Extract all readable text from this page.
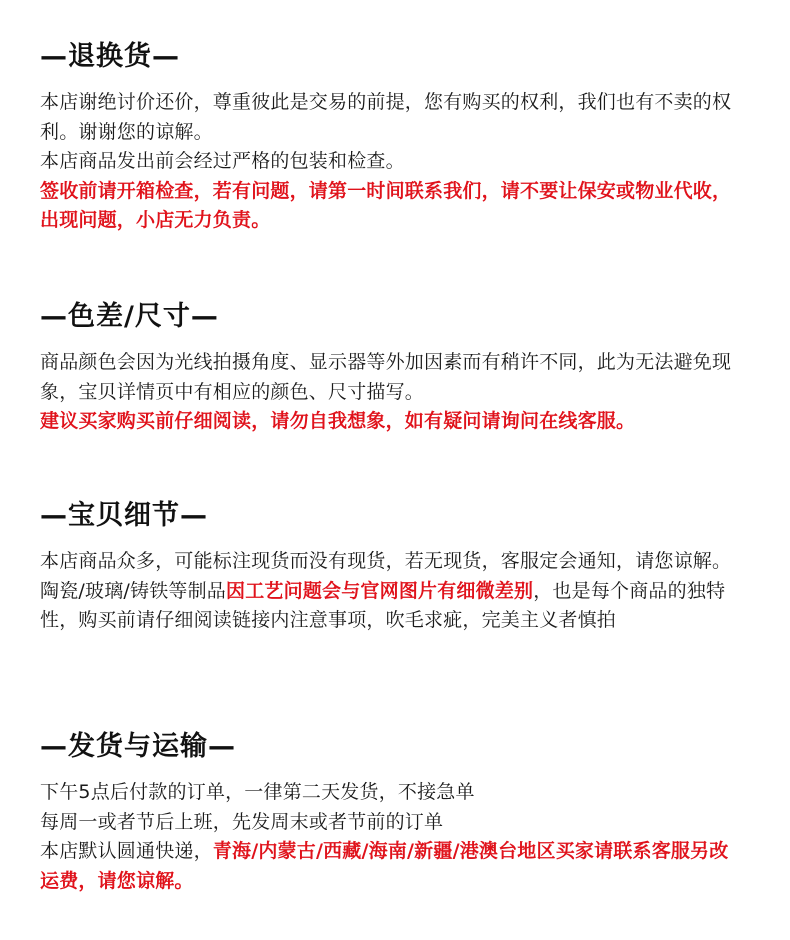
—退换货—

本店谢绝讨价还价，尊重彼此是交易的前提，您有购买的权利，我们也有不卖的权利。谢谢您的谅解。

本店商品发出前会经过严格的包装和检查。

签收前请开箱检查，若有问题，请第一时间联系我们，请不要让保安或物业代收，出现问题，小店无力负责。

—色差/尺寸—

商品颜色会因为光线拍摄角度、显示器等外加因素而有稍许不同，此为无法避免现象，宝贝详情页中有相应的颜色、尺寸描写。

建议买家购买前仔细阅读，请勿自我想象，如有疑问请询问在线客服。

—宝贝细节—

本店商品众多，可能标注现货而没有现货，若无现货，客服定会通知，请您谅解。

陶瓷/玻璃/铸铁等制品因工艺问题会与官网图片有细微差别，也是每个商品的独特性，购买前请仔细阅读链接内注意事项，吹毛求疵，完美主义者慎拍

—发货与运输—

下午5点后付款的订单，一律第二天发货，不接急单

每周一或者节后上班，先发周末或者节前的订单

本店默认圆通快递，青海/内蒙古/西藏/海南/新疆/港澳台地区买家请联系客服另改运费，请您谅解。
